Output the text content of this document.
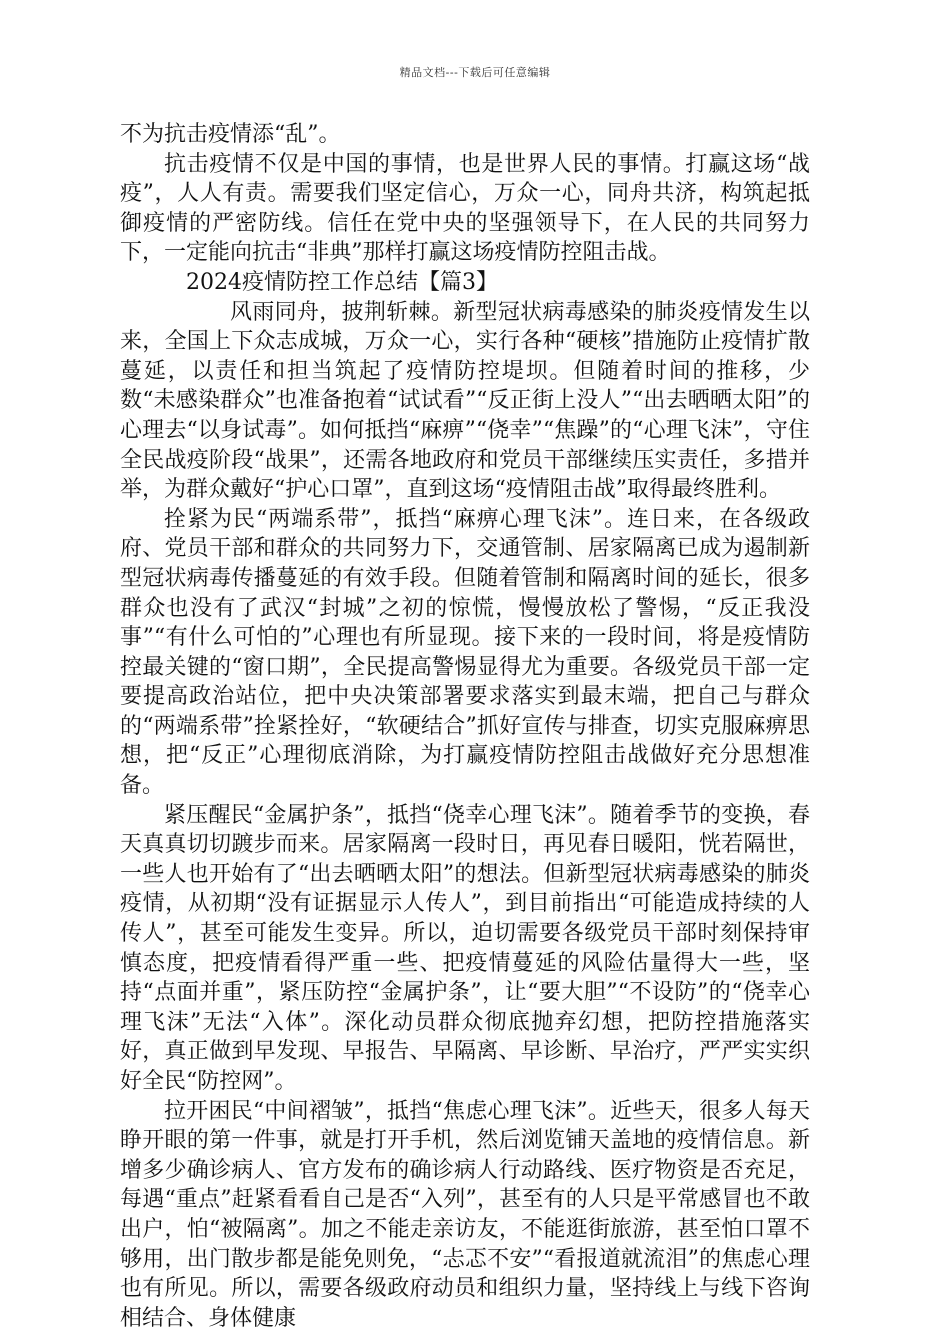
精品文档---下载后可任意编辑

不为抗击疫情添“乱”。

抗击疫情不仅是中国的事情，也是世界人民的事情。打赢这场“战疫”，人人有责。需要我们坚定信心，万众一心，同舟共济，构筑起抵御疫情的严密防线。信任在党中央的坚强领导下，在人民的共同努力下，一定能向抗击“非典”那样打赢这场疫情防控阻击战。

2024疫情防控工作总结【篇3】

风雨同舟，披荆斩棘。新型冠状病毒感染的肺炎疫情发生以来，全国上下众志成城，万众一心，实行各种“硬核”措施防止疫情扩散蔓延，以责任和担当筑起了疫情防控堤坝。但随着时间的推移，少数“未感染群众”也准备抱着“试试看”“反正街上没人”“出去晒晒太阳”的心理去“以身试毒”。如何抵挡“麻痹”“侥幸”“焦躁”的“心理飞沫”，守住全民战疫阶段“战果”，还需各地政府和党员干部继续压实责任，多措并举，为群众戴好“护心口罩”，直到这场“疫情阻击战”取得最终胜利。

拴紧为民“两端系带”，抵挡“麻痹心理飞沫”。连日来，在各级政府、党员干部和群众的共同努力下，交通管制、居家隔离已成为遏制新型冠状病毒传播蔓延的有效手段。但随着管制和隔离时间的延长，很多群众也没有了武汉“封城”之初的惊慌，慢慢放松了警惕，“反正我没事”“有什么可怕的”心理也有所显现。接下来的一段时间，将是疫情防控最关键的“窗口期”，全民提高警惕显得尤为重要。各级党员干部一定要提高政治站位，把中央决策部署要求落实到最末端，把自己与群众的“两端系带”拴紧拴好，“软硬结合”抓好宣传与排查，切实克服麻痹思想，把“反正”心理彻底消除，为打赢疫情防控阻击战做好充分思想准备。

紧压醒民“金属护条”，抵挡“侥幸心理飞沫”。随着季节的变换，春天真真切切踱步而来。居家隔离一段时日，再见春日暖阳，恍若隔世，一些人也开始有了“出去晒晒太阳”的想法。但新型冠状病毒感染的肺炎疫情，从初期“没有证据显示人传人”，到目前指出“可能造成持续的人传人”，甚至可能发生变异。所以，迫切需要各级党员干部时刻保持审慎态度，把疫情看得严重一些、把疫情蔓延的风险估量得大一些，坚持“点面并重”，紧压防控“金属护条”，让“要大胆”“不设防”的“侥幸心理飞沫”无法“入体”。深化动员群众彻底抛弃幻想，把防控措施落实好，真正做到早发现、早报告、早隔离、早诊断、早治疗，严严实实织好全民“防控网”。

拉开困民“中间褶皱”，抵挡“焦虑心理飞沫”。近些天，很多人每天睁开眼的第一件事，就是打开手机，然后浏览铺天盖地的疫情信息。新增多少确诊病人、官方发布的确诊病人行动路线、医疗物资是否充足，每遇“重点”赶紧看看自己是否“入列”，甚至有的人只是平常感冒也不敢出户，怕“被隔离”。加之不能走亲访友，不能逛街旅游，甚至怕口罩不够用，出门散步都是能免则免，“忐忑不安”“看报道就流泪”的焦虑心理也有所见。所以，需要各级政府动员和组织力量，坚持线上与线下咨询相结合、身体健康
